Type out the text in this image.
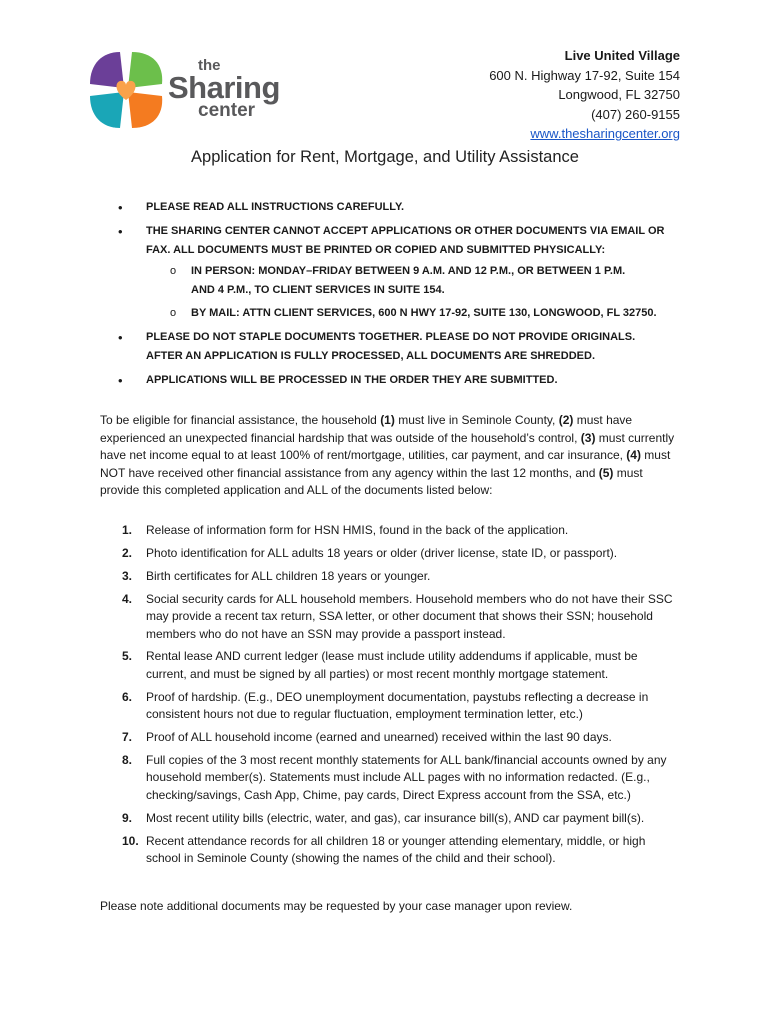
the
Sharing
center
Live United Village
600 N. Highway 17-92, Suite 154
Longwood, FL 32750
(407) 260-9155
www.thesharingcenter.org
Application for Rent, Mortgage, and Utility Assistance
• PLEASE READ ALL INSTRUCTIONS CAREFULLY.
• THE SHARING CENTER CANNOT ACCEPT APPLICATIONS OR OTHER DOCUMENTS VIA EMAIL OR
FAX. ALL DOCUMENTS MUST BE PRINTED OR COPIED AND SUBMITTED PHYSICALLY:
o IN PERSON: MONDAY–FRIDAY BETWEEN 9 A.M. AND 12 P.M., OR BETWEEN 1 P.M.
AND 4 P.M., TO CLIENT SERVICES IN SUITE 154.
o BY MAIL: ATTN CLIENT SERVICES, 600 N HWY 17-92, SUITE 130, LONGWOOD, FL 32750.
• PLEASE DO NOT STAPLE DOCUMENTS TOGETHER. PLEASE DO NOT PROVIDE ORIGINALS.
AFTER AN APPLICATION IS FULLY PROCESSED, ALL DOCUMENTS ARE SHREDDED.
• APPLICATIONS WILL BE PROCESSED IN THE ORDER THEY ARE SUBMITTED.
To be eligible for financial assistance, the household (1) must live in Seminole County, (2) must have experienced an unexpected financial hardship that was outside of the household’s control, (3) must currently have net income equal to at least 100% of rent/mortgage, utilities, car payment, and car insurance, (4) must NOT have received other financial assistance from any agency within the last 12 months, and (5) must provide this completed application and ALL of the documents listed below:
1. Release of information form for HSN HMIS, found in the back of the application.
2. Photo identification for ALL adults 18 years or older (driver license, state ID, or passport).
3. Birth certificates for ALL children 18 years or younger.
4. Social security cards for ALL household members. Household members who do not have their SSC may provide a recent tax return, SSA letter, or other document that shows their SSN; household members who do not have an SSN may provide a passport instead.
5. Rental lease AND current ledger (lease must include utility addendums if applicable, must be current, and must be signed by all parties) or most recent monthly mortgage statement.
6. Proof of hardship. (E.g., DEO unemployment documentation, paystubs reflecting a decrease in consistent hours not due to regular fluctuation, employment termination letter, etc.)
7. Proof of ALL household income (earned and unearned) received within the last 90 days.
8. Full copies of the 3 most recent monthly statements for ALL bank/financial accounts owned by any household member(s). Statements must include ALL pages with no information redacted. (E.g., checking/savings, Cash App, Chime, pay cards, Direct Express account from the SSA, etc.)
9. Most recent utility bills (electric, water, and gas), car insurance bill(s), AND car payment bill(s).
10. Recent attendance records for all children 18 or younger attending elementary, middle, or high school in Seminole County (showing the names of the child and their school).
Please note additional documents may be requested by your case manager upon review.
